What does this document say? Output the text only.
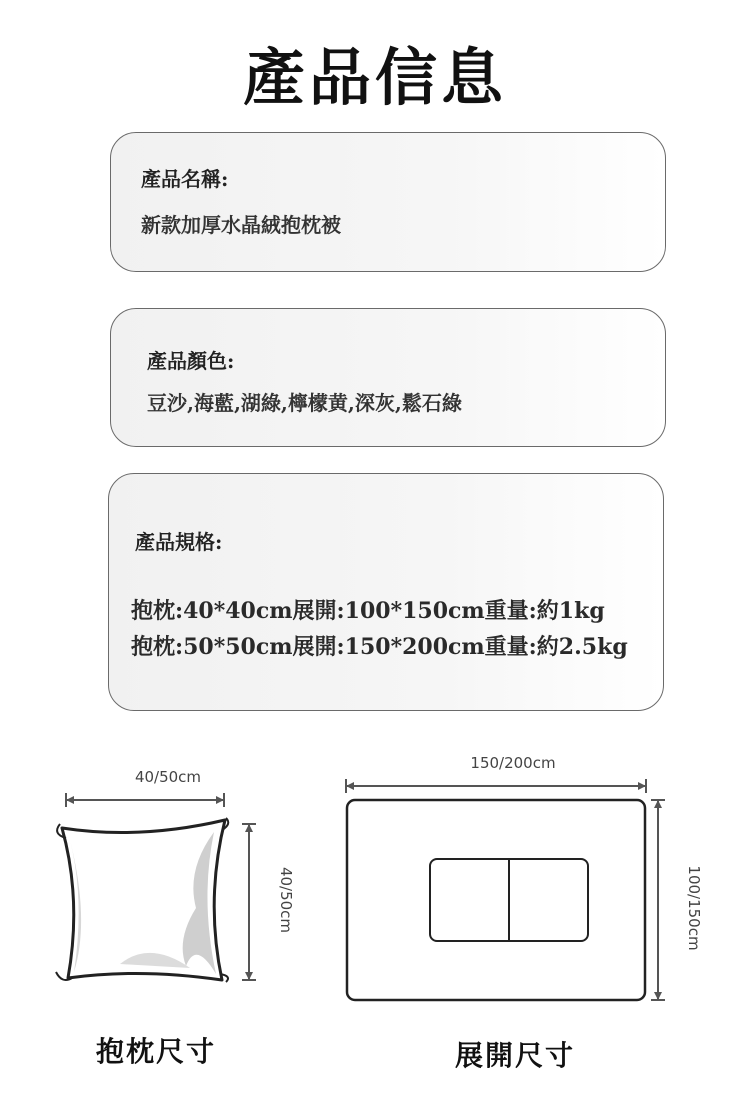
產品信息
產品名稱:
新款加厚水晶絨抱枕被
產品顏色:
豆沙,海藍,湖綠,檸檬黄,深灰,鬆石綠
產品規格:
抱枕:40*40cm展開:100*150cm重量:約1kg
抱枕:50*50cm展開:150*200cm重量:約2.5kg
40/50cm
40/50cm
150/200cm
100/150cm
抱枕尺寸	展開尺寸
